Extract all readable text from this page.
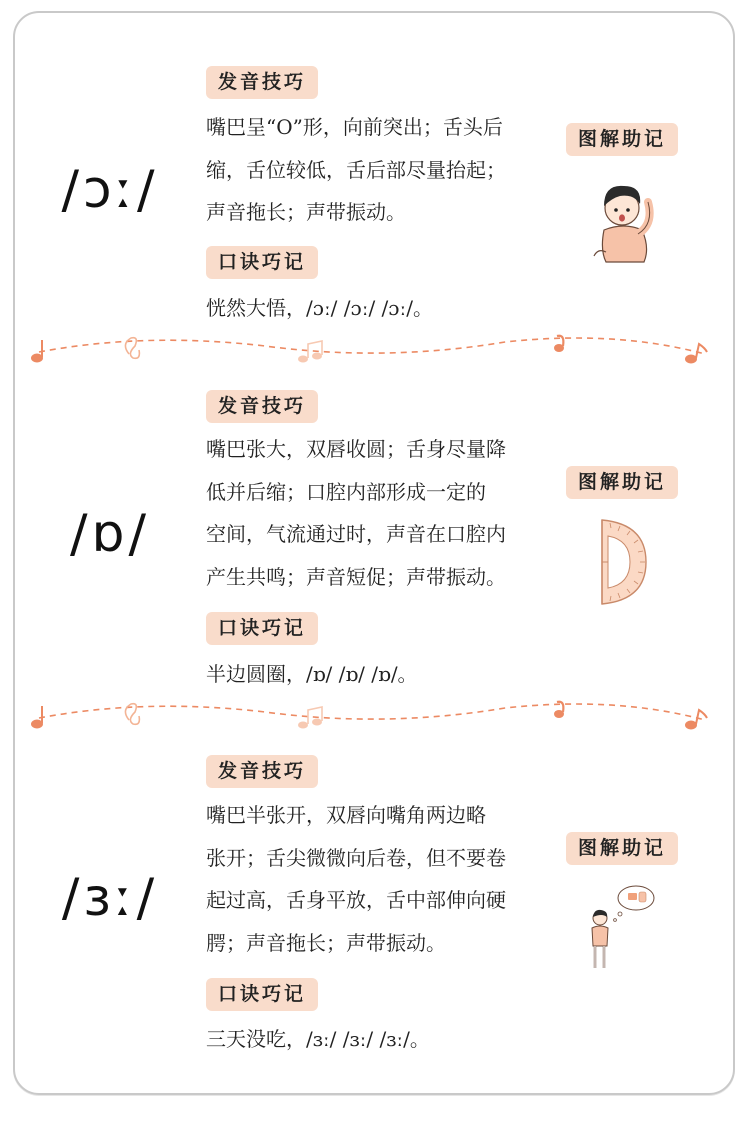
/ɔː/
发音技巧
嘴巴呈“O”形，向前突出；舌头后
缩，舌位较低，舌后部尽量抬起；
声音拖长；声带振动。
口诀巧记
恍然大悟，/ɔː/ /ɔː/ /ɔː/。
图解助记
/ɒ/
发音技巧
嘴巴张大，双唇收圆；舌身尽量降
低并后缩；口腔内部形成一定的
空间，气流通过时，声音在口腔内
产生共鸣；声音短促；声带振动。
口诀巧记
半边圆圈，/ɒ/ /ɒ/ /ɒ/。
图解助记
/ɜː/
发音技巧
嘴巴半张开，双唇向嘴角两边略
张开；舌尖微微向后卷，但不要卷
起过高，舌身平放，舌中部伸向硬
腭；声音拖长；声带振动。
口诀巧记
三天没吃，/ɜː/ /ɜː/ /ɜː/。
图解助记
